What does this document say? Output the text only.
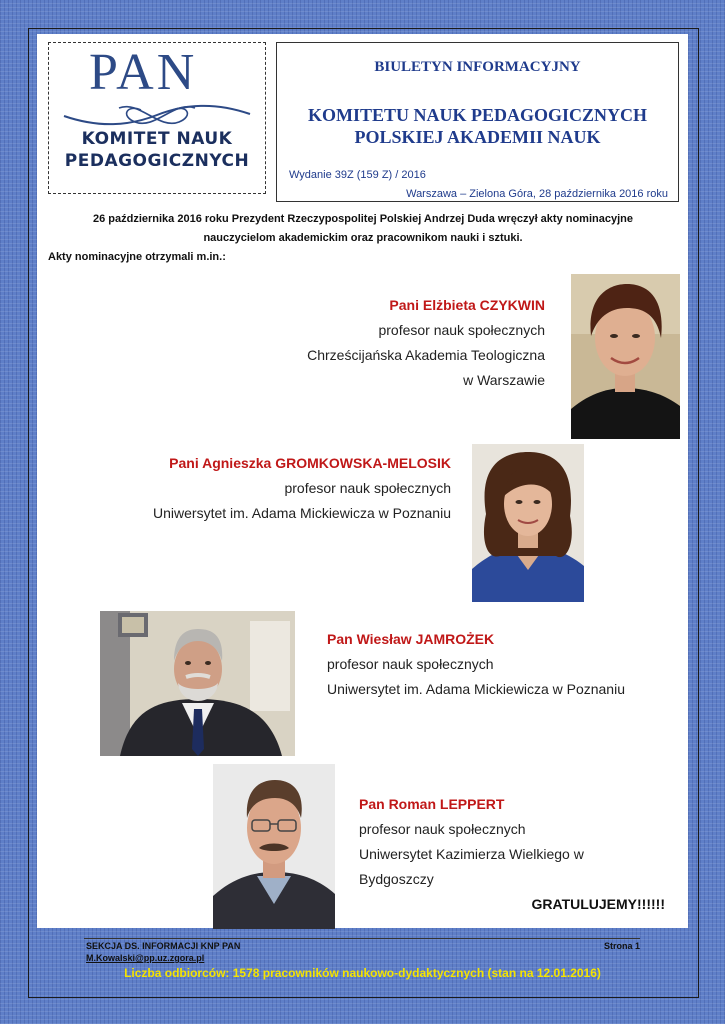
PAN
KOMITET NAUK
PEDAGOGICZNYCH
BIULETYN INFORMACYJNY
KOMITETU NAUK PEDAGOGICZNYCH
POLSKIEJ AKADEMII NAUK
Wydanie 39Z (159 Z) / 2016
Warszawa – Zielona Góra, 28 października 2016 roku
26 października 2016 roku Prezydent Rzeczypospolitej Polskiej Andrzej Duda wręczył akty nominacyjne
nauczycielom akademickim oraz pracownikom nauki i sztuki.
Akty nominacyjne otrzymali m.in.:
Pani Elżbieta CZYKWIN
profesor nauk społecznych
Chrześcijańska Akademia Teologiczna
w Warszawie
Pani Agnieszka GROMKOWSKA-MELOSIK
profesor nauk społecznych
Uniwersytet im. Adama Mickiewicza w Poznaniu
Pan Wiesław JAMROŻEK
profesor nauk społecznych
Uniwersytet im. Adama Mickiewicza w Poznaniu
Pan Roman LEPPERT
profesor nauk społecznych
Uniwersytet Kazimierza Wielkiego w
Bydgoszczy
GRATULUJEMY!!!!!!
SEKCJA DS. INFORMACJI KNP PAN
M.Kowalski@pp.uz.zgora.pl
Strona 1
Liczba odbiorców: 1578 pracowników naukowo-dydaktycznych (stan na 12.01.2016)
